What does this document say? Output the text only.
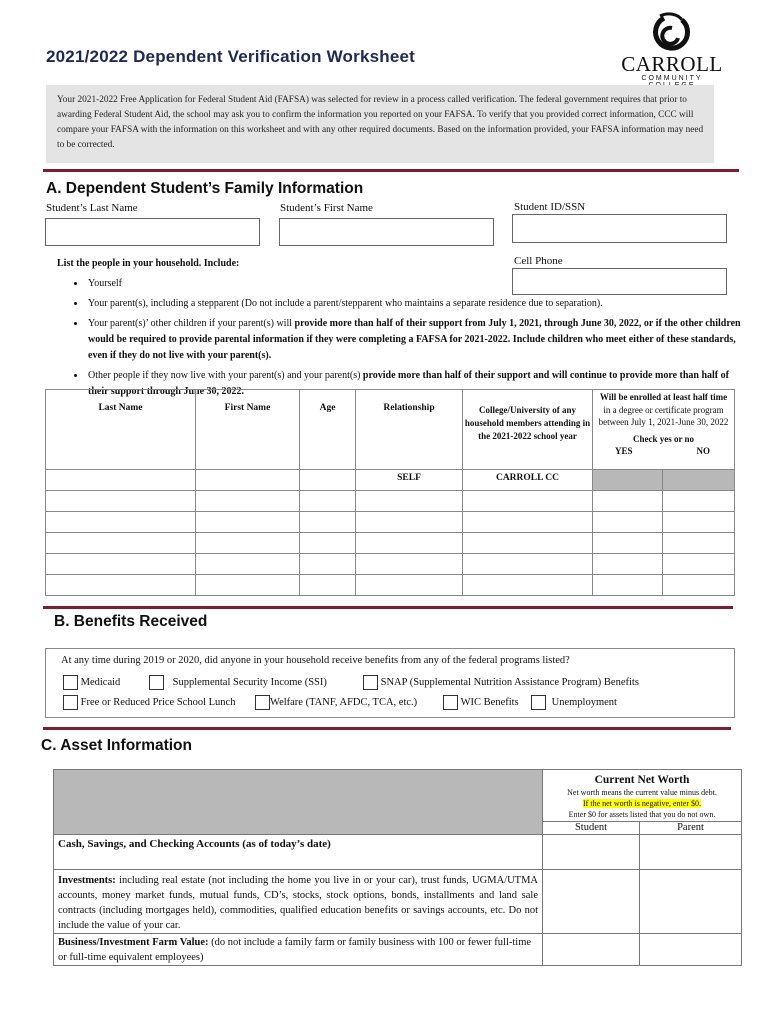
2021/2022 Dependent Verification Worksheet	CARROLL
COMMUNITY
Your 2021-2022 Free Application for Federal Student Aid (FAFSA) was selected for review in a process called verification. The federal government requires that prior to awarding Federal Student Aid, the school may ask you to confirm the information you reported on your FAFSA. To verify that you provided correct information, CCC will compare your FAFSA with the information on this worksheet and with any other required documents. Based on the information provided, your FAFSA information may need to be corrected.
A. Dependent Student’s Family Information
Student’s Last Name	Student’s First Name	Student ID/SSN
Cell Phone
List the people in your household. Include:
• Yourself
• Your parent(s), including a stepparent (Do not include a parent/stepparent who maintains a separate residence due to separation).
• Your parent(s)’ other children if your parent(s) will provide more than half of their support from July 1, 2021, through June 30, 2022, or if the other children would be required to provide parental information if they were completing a FAFSA for 2021-2022. Include children who meet either of these standards, even if they do not live with your parent(s).
• Other people if they now live with your parent(s) and your parent(s) provide more than half of their support and will continue to provide more than half of their support through June 30, 2022.
Last Name	First Name	Age	Relationship	College/University of any household members attending in the 2021-2022 school year	Will be enrolled at least half time
in a degree or certificate program between July 1, 2021-June 30, 2022
Check yes or no
YES NO	

			SELF	CARROLL CC		

B. Benefits Received
At any time during 2019 or 2020, did anyone in your household receive benefits from any of the federal programs listed?
Medicaid	Supplemental Security Income (SSI)	SNAP (Supplemental Nutrition Assistance Program) Benefits
Free or Reduced Price School Lunch	Welfare (TANF, AFDC, TCA, etc.)	WIC Benefits	Unemployment
C. Asset Information

	Current Net Worth
Net worth means the current value minus debt.
If the net worth is negative, enter $0.
Enter $0 for assets listed that you do not own.	

	Student	Parent
Cash, Savings, and Checking Accounts (as of today’s date)		
Investments: including real estate (not including the home you live in or your car), trust funds, UGMA/UTMA accounts, money market funds, mutual funds, CD’s, stocks, stock options, bonds, installments and land sale contracts (including mortgages held), commodities, qualified education benefits or savings accounts, etc. Do not include the value of your car.		
Business/Investment Farm Value: (do not include a family farm or family business with 100 or fewer full-time or full-time equivalent employees)		
